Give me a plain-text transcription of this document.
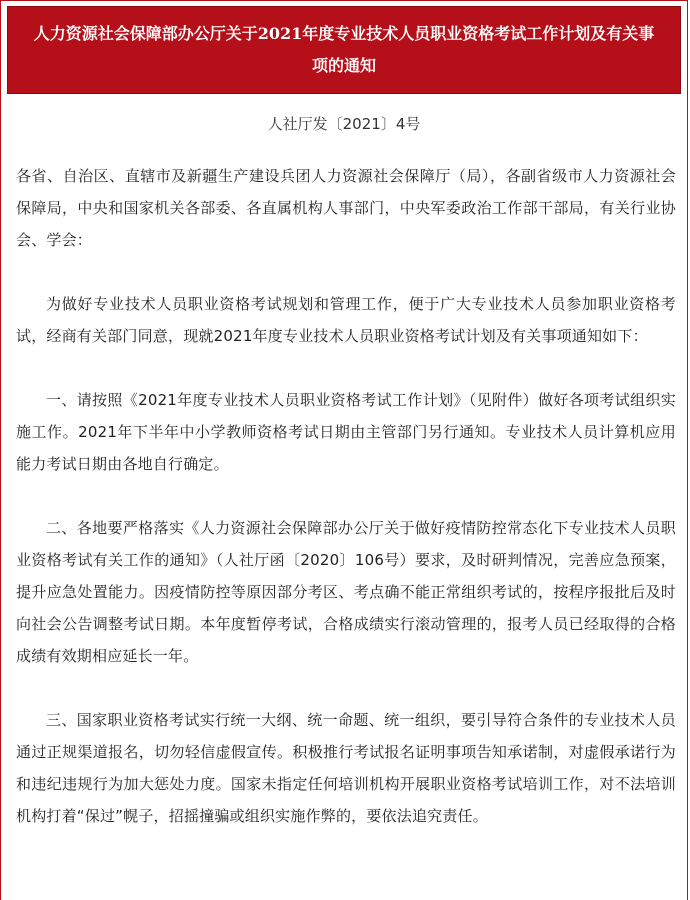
人力资源社会保障部办公厅关于2021年度专业技术人员职业资格考试工作计划及有关事项的通知
人社厅发〔2021〕4号

各省、自治区、直辖市及新疆生产建设兵团人力资源社会保障厅（局），各副省级市人力资源社会保障局，中央和国家机关各部委、各直属机构人事部门，中央军委政治工作部干部局，有关行业协会、学会：

为做好专业技术人员职业资格考试规划和管理工作，便于广大专业技术人员参加职业资格考试，经商有关部门同意，现就2021年度专业技术人员职业资格考试计划及有关事项通知如下：

一、请按照《2021年度专业技术人员职业资格考试工作计划》（见附件）做好各项考试组织实施工作。2021年下半年中小学教师资格考试日期由主管部门另行通知。专业技术人员计算机应用能力考试日期由各地自行确定。

二、各地要严格落实《人力资源社会保障部办公厅关于做好疫情防控常态化下专业技术人员职业资格考试有关工作的通知》（人社厅函〔2020〕106号）要求，及时研判情况，完善应急预案，提升应急处置能力。因疫情防控等原因部分考区、考点确不能正常组织考试的，按程序报批后及时向社会公告调整考试日期。本年度暂停考试，合格成绩实行滚动管理的，报考人员已经取得的合格成绩有效期相应延长一年。

三、国家职业资格考试实行统一大纲、统一命题、统一组织，要引导符合条件的专业技术人员通过正规渠道报名，切勿轻信虚假宣传。积极推行考试报名证明事项告知承诺制，对虚假承诺行为和违纪违规行为加大惩处力度。国家未指定任何培训机构开展职业资格考试培训工作，对不法培训机构打着“保过”幌子，招摇撞骗或组织实施作弊的，要依法追究责任。
